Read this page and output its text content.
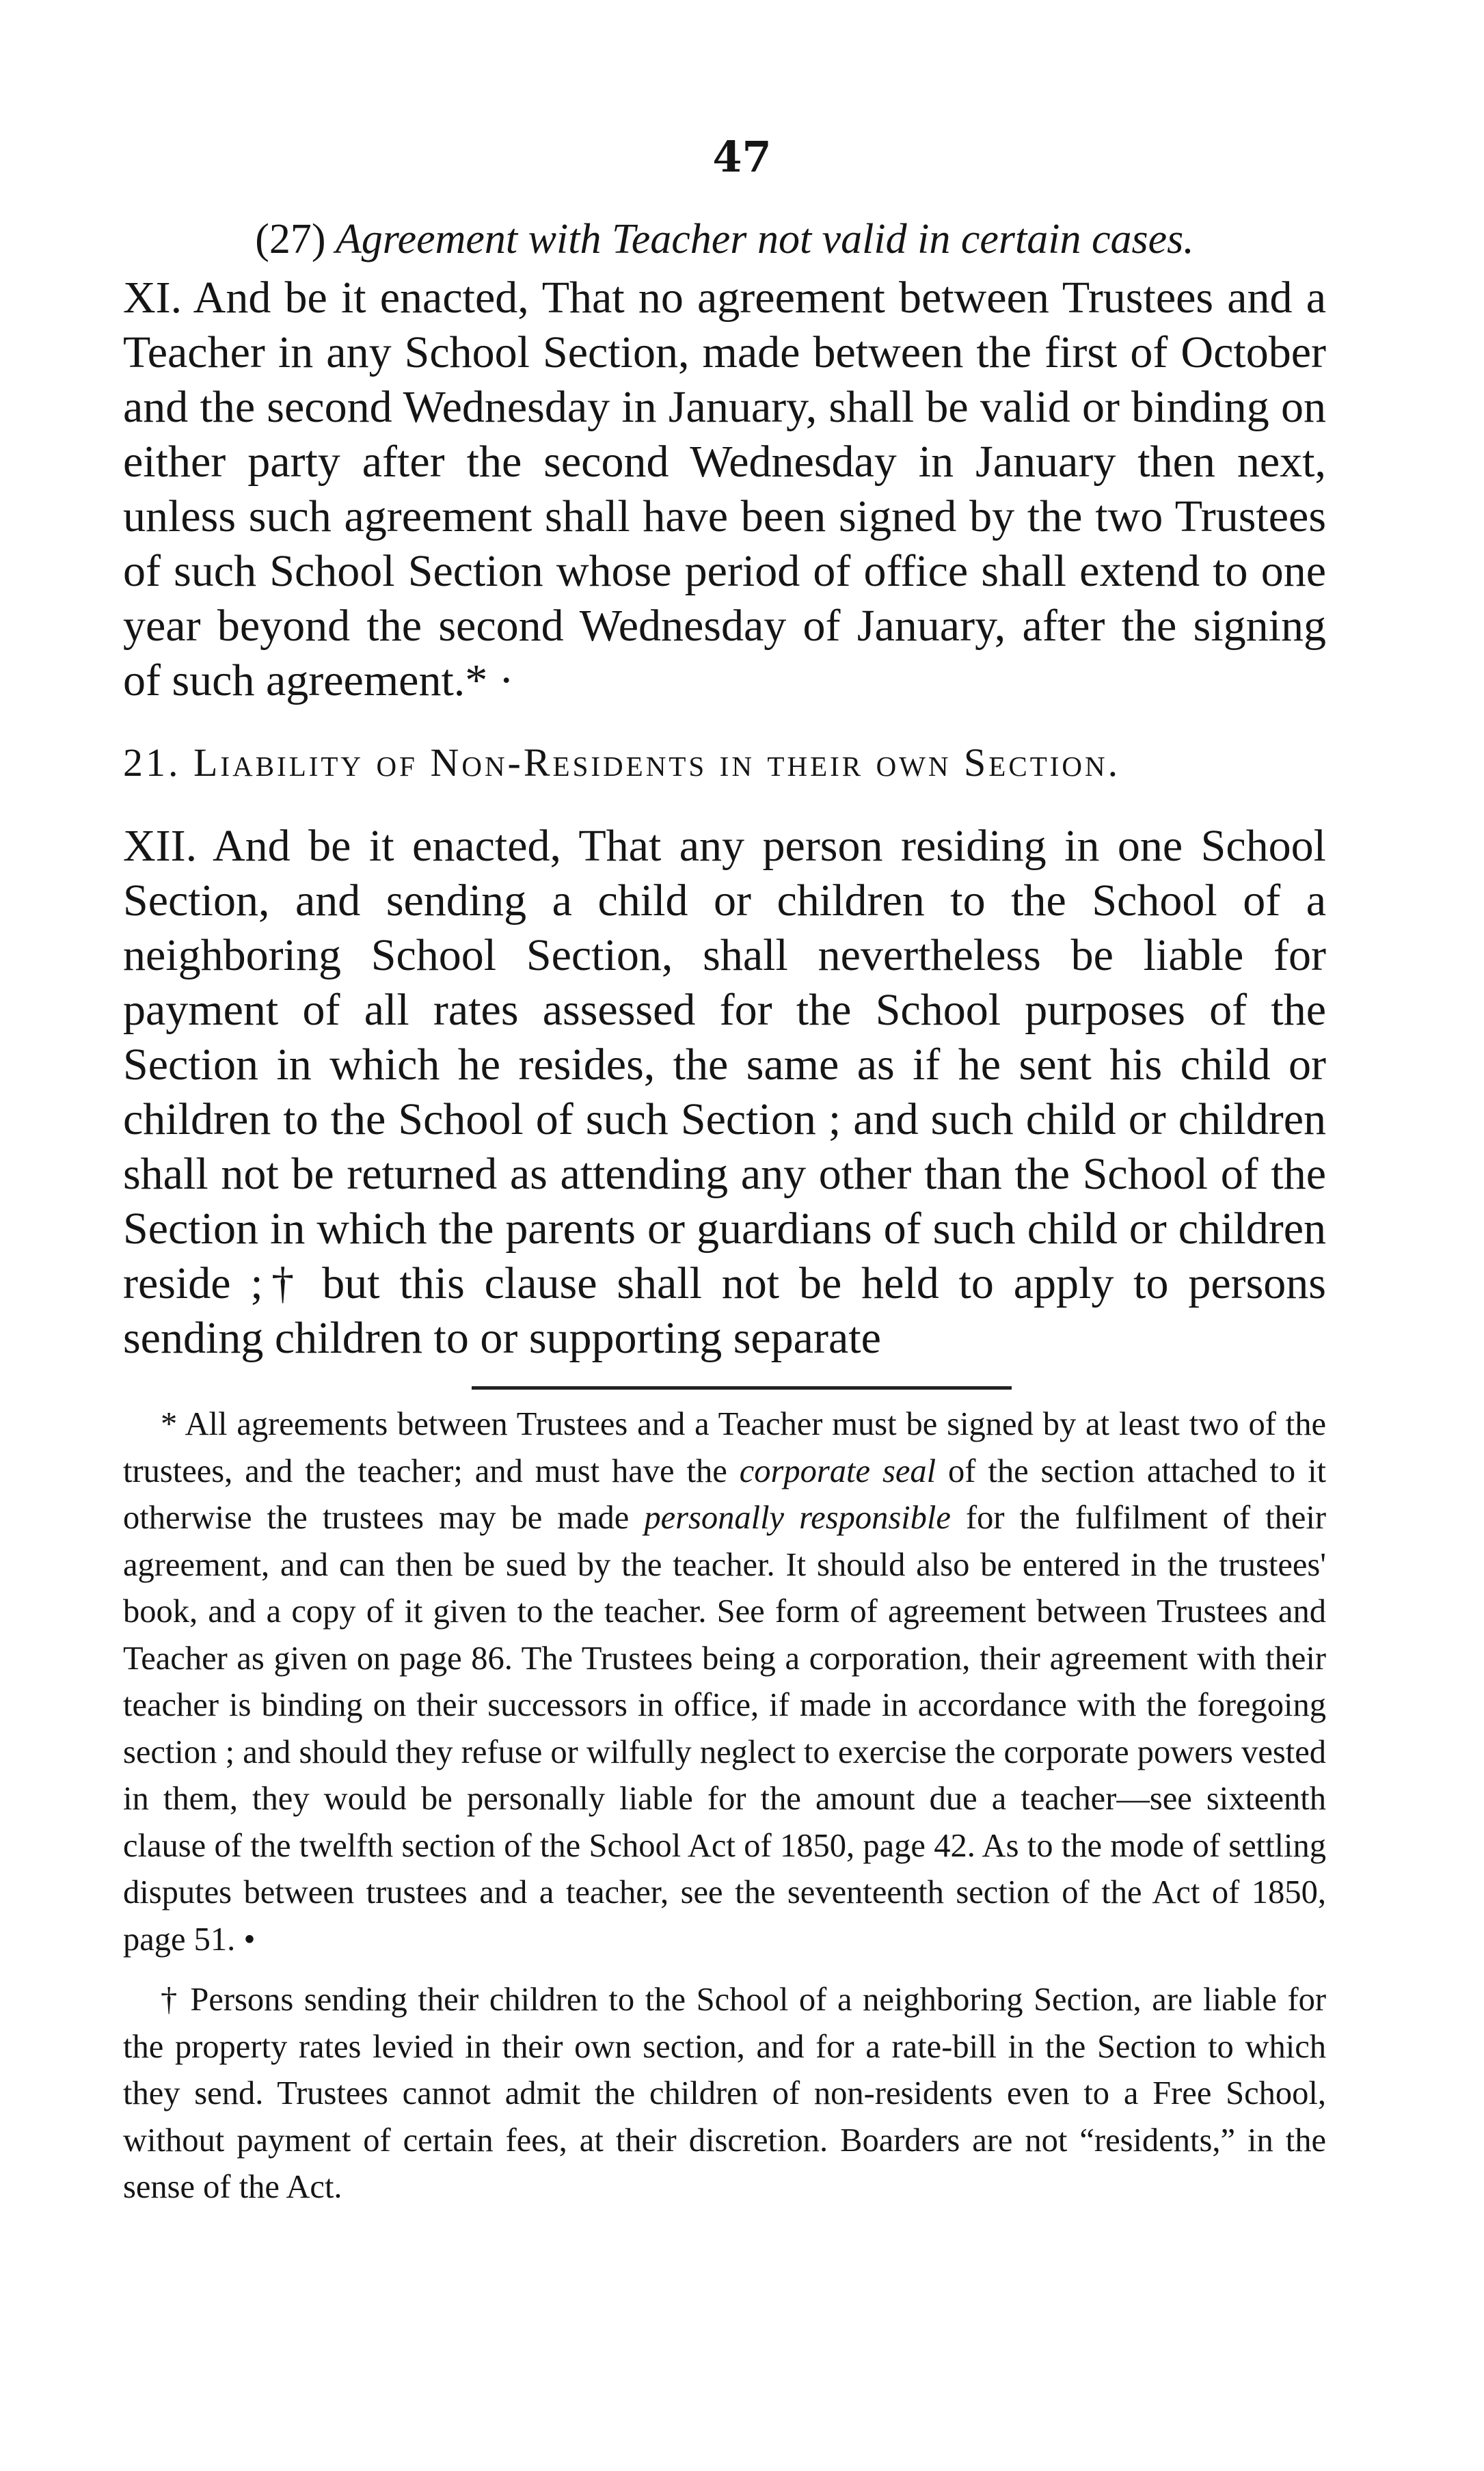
47

(27) Agreement with Teacher not valid in certain cases.

XI. And be it enacted, That no agreement between Trustees and a Teacher in any School Section, made between the first of October and the second Wednesday in January, shall be valid or binding on either party after the second Wednesday in January then next, unless such agreement shall have been signed by the two Trustees of such School Section whose period of office shall extend to one year beyond the second Wednesday of January, after the signing of such agreement.* ·

21. Liability of Non-Residents in their own Section.

XII. And be it enacted, That any person residing in one School Section, and sending a child or children to the School of a neighboring School Section, shall nevertheless be liable for payment of all rates assessed for the School purposes of the Section in which he resides, the same as if he sent his child or children to the School of such Section ; and such child or children shall not be returned as attending any other than the School of the Section in which the parents or guardians of such child or children reside ;† but this clause shall not be held to apply to persons sending children to or supporting separate

* All agreements between Trustees and a Teacher must be signed by at least two of the trustees, and the teacher; and must have the corporate seal of the section attached to it otherwise the trustees may be made personally responsible for the fulfilment of their agreement, and can then be sued by the teacher. It should also be entered in the trustees' book, and a copy of it given to the teacher. See form of agreement between Trustees and Teacher as given on page 86. The Trustees being a corporation, their agreement with their teacher is binding on their successors in office, if made in accordance with the foregoing section ; and should they refuse or wilfully neglect to exercise the corporate powers vested in them, they would be personally liable for the amount due a teacher—see sixteenth clause of the twelfth section of the School Act of 1850, page 42. As to the mode of settling disputes between trustees and a teacher, see the seventeenth section of the Act of 1850, page 51. •

† Persons sending their children to the School of a neighboring Section, are liable for the property rates levied in their own section, and for a rate-bill in the Section to which they send. Trustees cannot admit the children of non-residents even to a Free School, without payment of certain fees, at their discretion. Boarders are not “residents,” in the sense of the Act.
